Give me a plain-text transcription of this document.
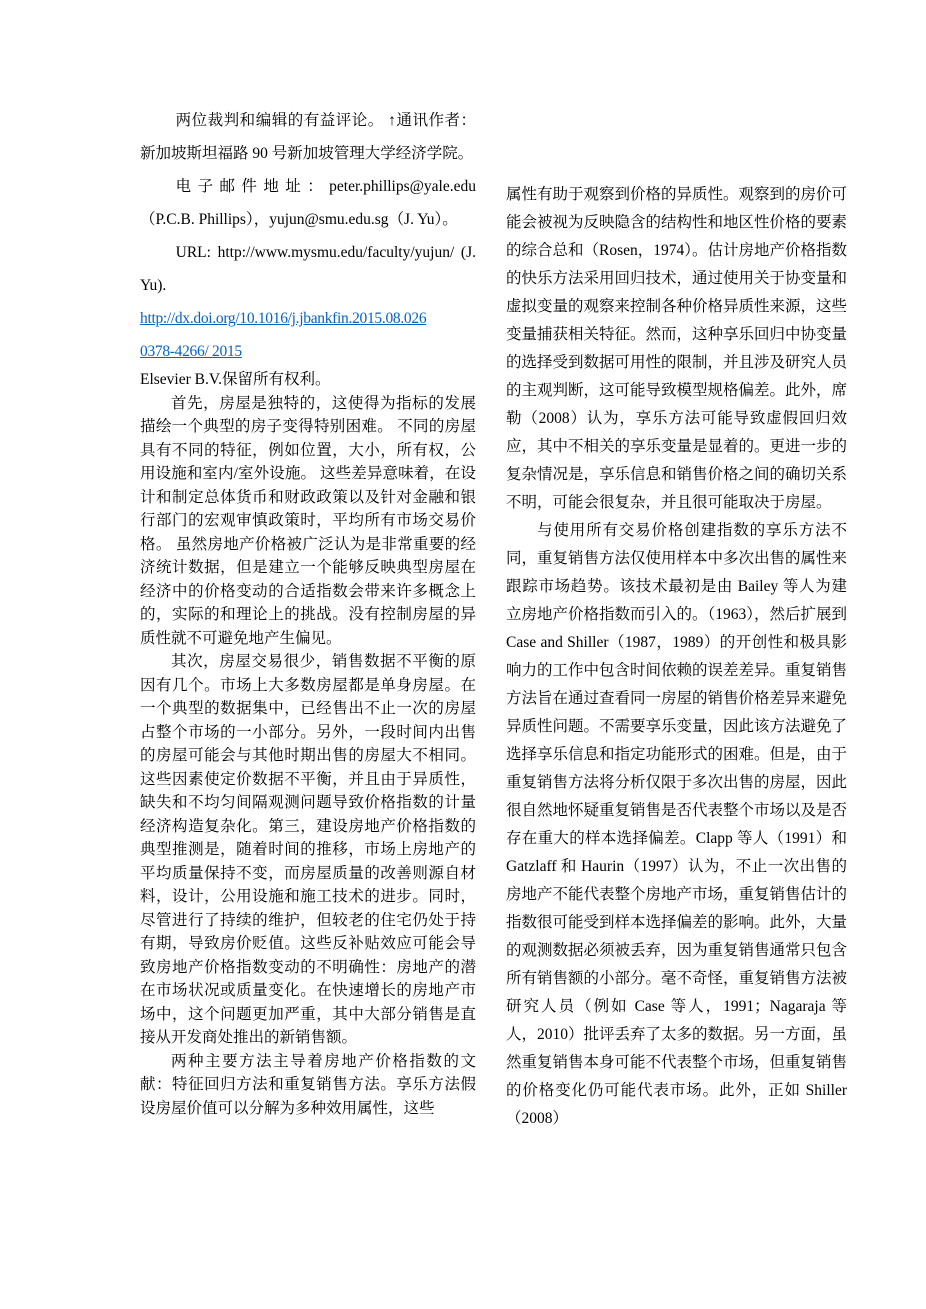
两位裁判和编辑的有益评论。 ↑通讯作者：新加坡斯坦福路 90 号新加坡管理大学经济学院。

电子邮件地址：peter.phillips@yale.edu（P.C.B. Phillips），yujun@smu.edu.sg（J. Yu）。

URL: http://www.mysmu.edu/faculty/yujun/ (J. Yu).

http://dx.doi.org/10.1016/j.jbankfin.2015.08.026

0378-4266/ 2015

Elsevier B.V.保留所有权利。

首先，房屋是独特的，这使得为指标的发展描绘一个典型的房子变得特别困难。 不同的房屋具有不同的特征，例如位置，大小，所有权，公用设施和室内/室外设施。 这些差异意味着，在设计和制定总体货币和财政政策以及针对金融和银行部门的宏观审慎政策时，平均所有市场交易价格。 虽然房地产价格被广泛认为是非常重要的经济统计数据，但是建立一个能够反映典型房屋在经济中的价格变动的合适指数会带来许多概念上的，实际的和理论上的挑战。没有控制房屋的异质性就不可避免地产生偏见。

其次，房屋交易很少，销售数据不平衡的原因有几个。市场上大多数房屋都是单身房屋。在一个典型的数据集中，已经售出不止一次的房屋占整个市场的一小部分。另外，一段时间内出售的房屋可能会与其他时期出售的房屋大不相同。这些因素使定价数据不平衡，并且由于异质性，缺失和不均匀间隔观测问题导致价格指数的计量经济构造复杂化。第三，建设房地产价格指数的典型推测是，随着时间的推移，市场上房地产的平均质量保持不变，而房屋质量的改善则源自材料，设计，公用设施和施工技术的进步。同时，尽管进行了持续的维护，但较老的住宅仍处于持有期，导致房价贬值。这些反补贴效应可能会导致房地产价格指数变动的不明确性：房地产的潜在市场状况或质量变化。在快速增长的房地产市场中，这个问题更加严重，其中大部分销售是直接从开发商处推出的新销售额。

两种主要方法主导着房地产价格指数的文献：特征回归方法和重复销售方法。享乐方法假设房屋价值可以分解为多种效用属性，这些

属性有助于观察到价格的异质性。观察到的房价可能会被视为反映隐含的结构性和地区性价格的要素的综合总和（Rosen，1974）。估计房地产价格指数的快乐方法采用回归技术，通过使用关于协变量和虚拟变量的观察来控制各种价格异质性来源，这些变量捕获相关特征。然而，这种享乐回归中协变量的选择受到数据可用性的限制，并且涉及研究人员的主观判断，这可能导致模型规格偏差。此外，席勒（2008）认为，享乐方法可能导致虚假回归效应，其中不相关的享乐变量是显着的。更进一步的复杂情况是，享乐信息和销售价格之间的确切关系不明，可能会很复杂，并且很可能取决于房屋。

与使用所有交易价格创建指数的享乐方法不同，重复销售方法仅使用样本中多次出售的属性来跟踪市场趋势。该技术最初是由 Bailey 等人为建立房地产价格指数而引入的。（1963），然后扩展到 Case and Shiller（1987，1989）的开创性和极具影响力的工作中包含时间依赖的误差差异。重复销售方法旨在通过查看同一房屋的销售价格差异来避免异质性问题。不需要享乐变量，因此该方法避免了选择享乐信息和指定功能形式的困难。但是，由于重复销售方法将分析仅限于多次出售的房屋，因此很自然地怀疑重复销售是否代表整个市场以及是否存在重大的样本选择偏差。Clapp 等人（1991）和 Gatzlaff 和 Haurin（1997）认为，不止一次出售的房地产不能代表整个房地产市场，重复销售估计的指数很可能受到样本选择偏差的影响。此外，大量的观测数据必须被丢弃，因为重复销售通常只包含所有销售额的小部分。毫不奇怪，重复销售方法被研究人员（例如 Case 等人，1991；Nagaraja 等人，2010）批评丢弃了太多的数据。另一方面，虽然重复销售本身可能不代表整个市场，但重复销售的价格变化仍可能代表市场。此外，正如 Shiller（2008）
